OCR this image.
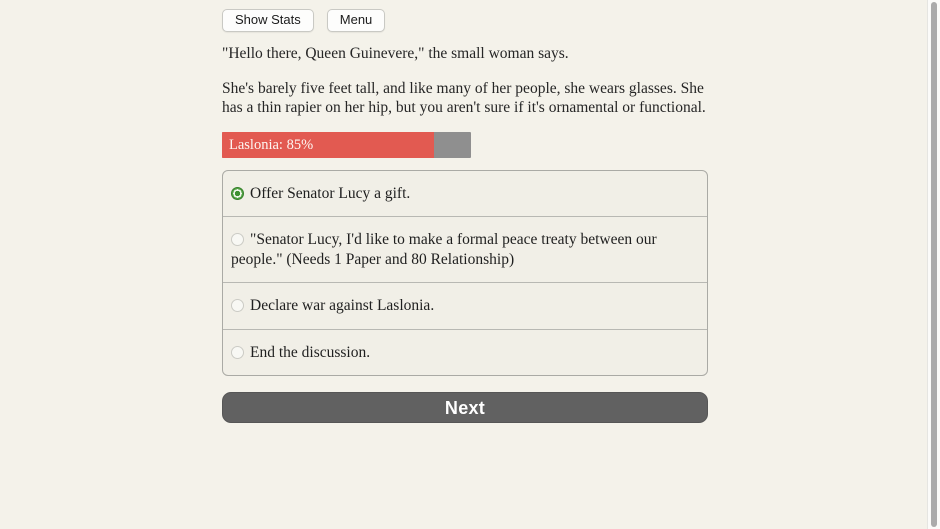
Show Stats	Menu

"Hello there, Queen Guinevere," the small woman says.

She's barely five feet tall, and like many of her people, she wears glasses. She has a thin rapier on her hip, but you aren't sure if it's ornamental or functional.

Laslonia: 85%
Offer Senator Lucy a gift.
"Senator Lucy, I'd like to make a formal peace treaty between our people." (Needs 1 Paper and 80 Relationship)
Declare war against Laslonia.
End the discussion.
Next
